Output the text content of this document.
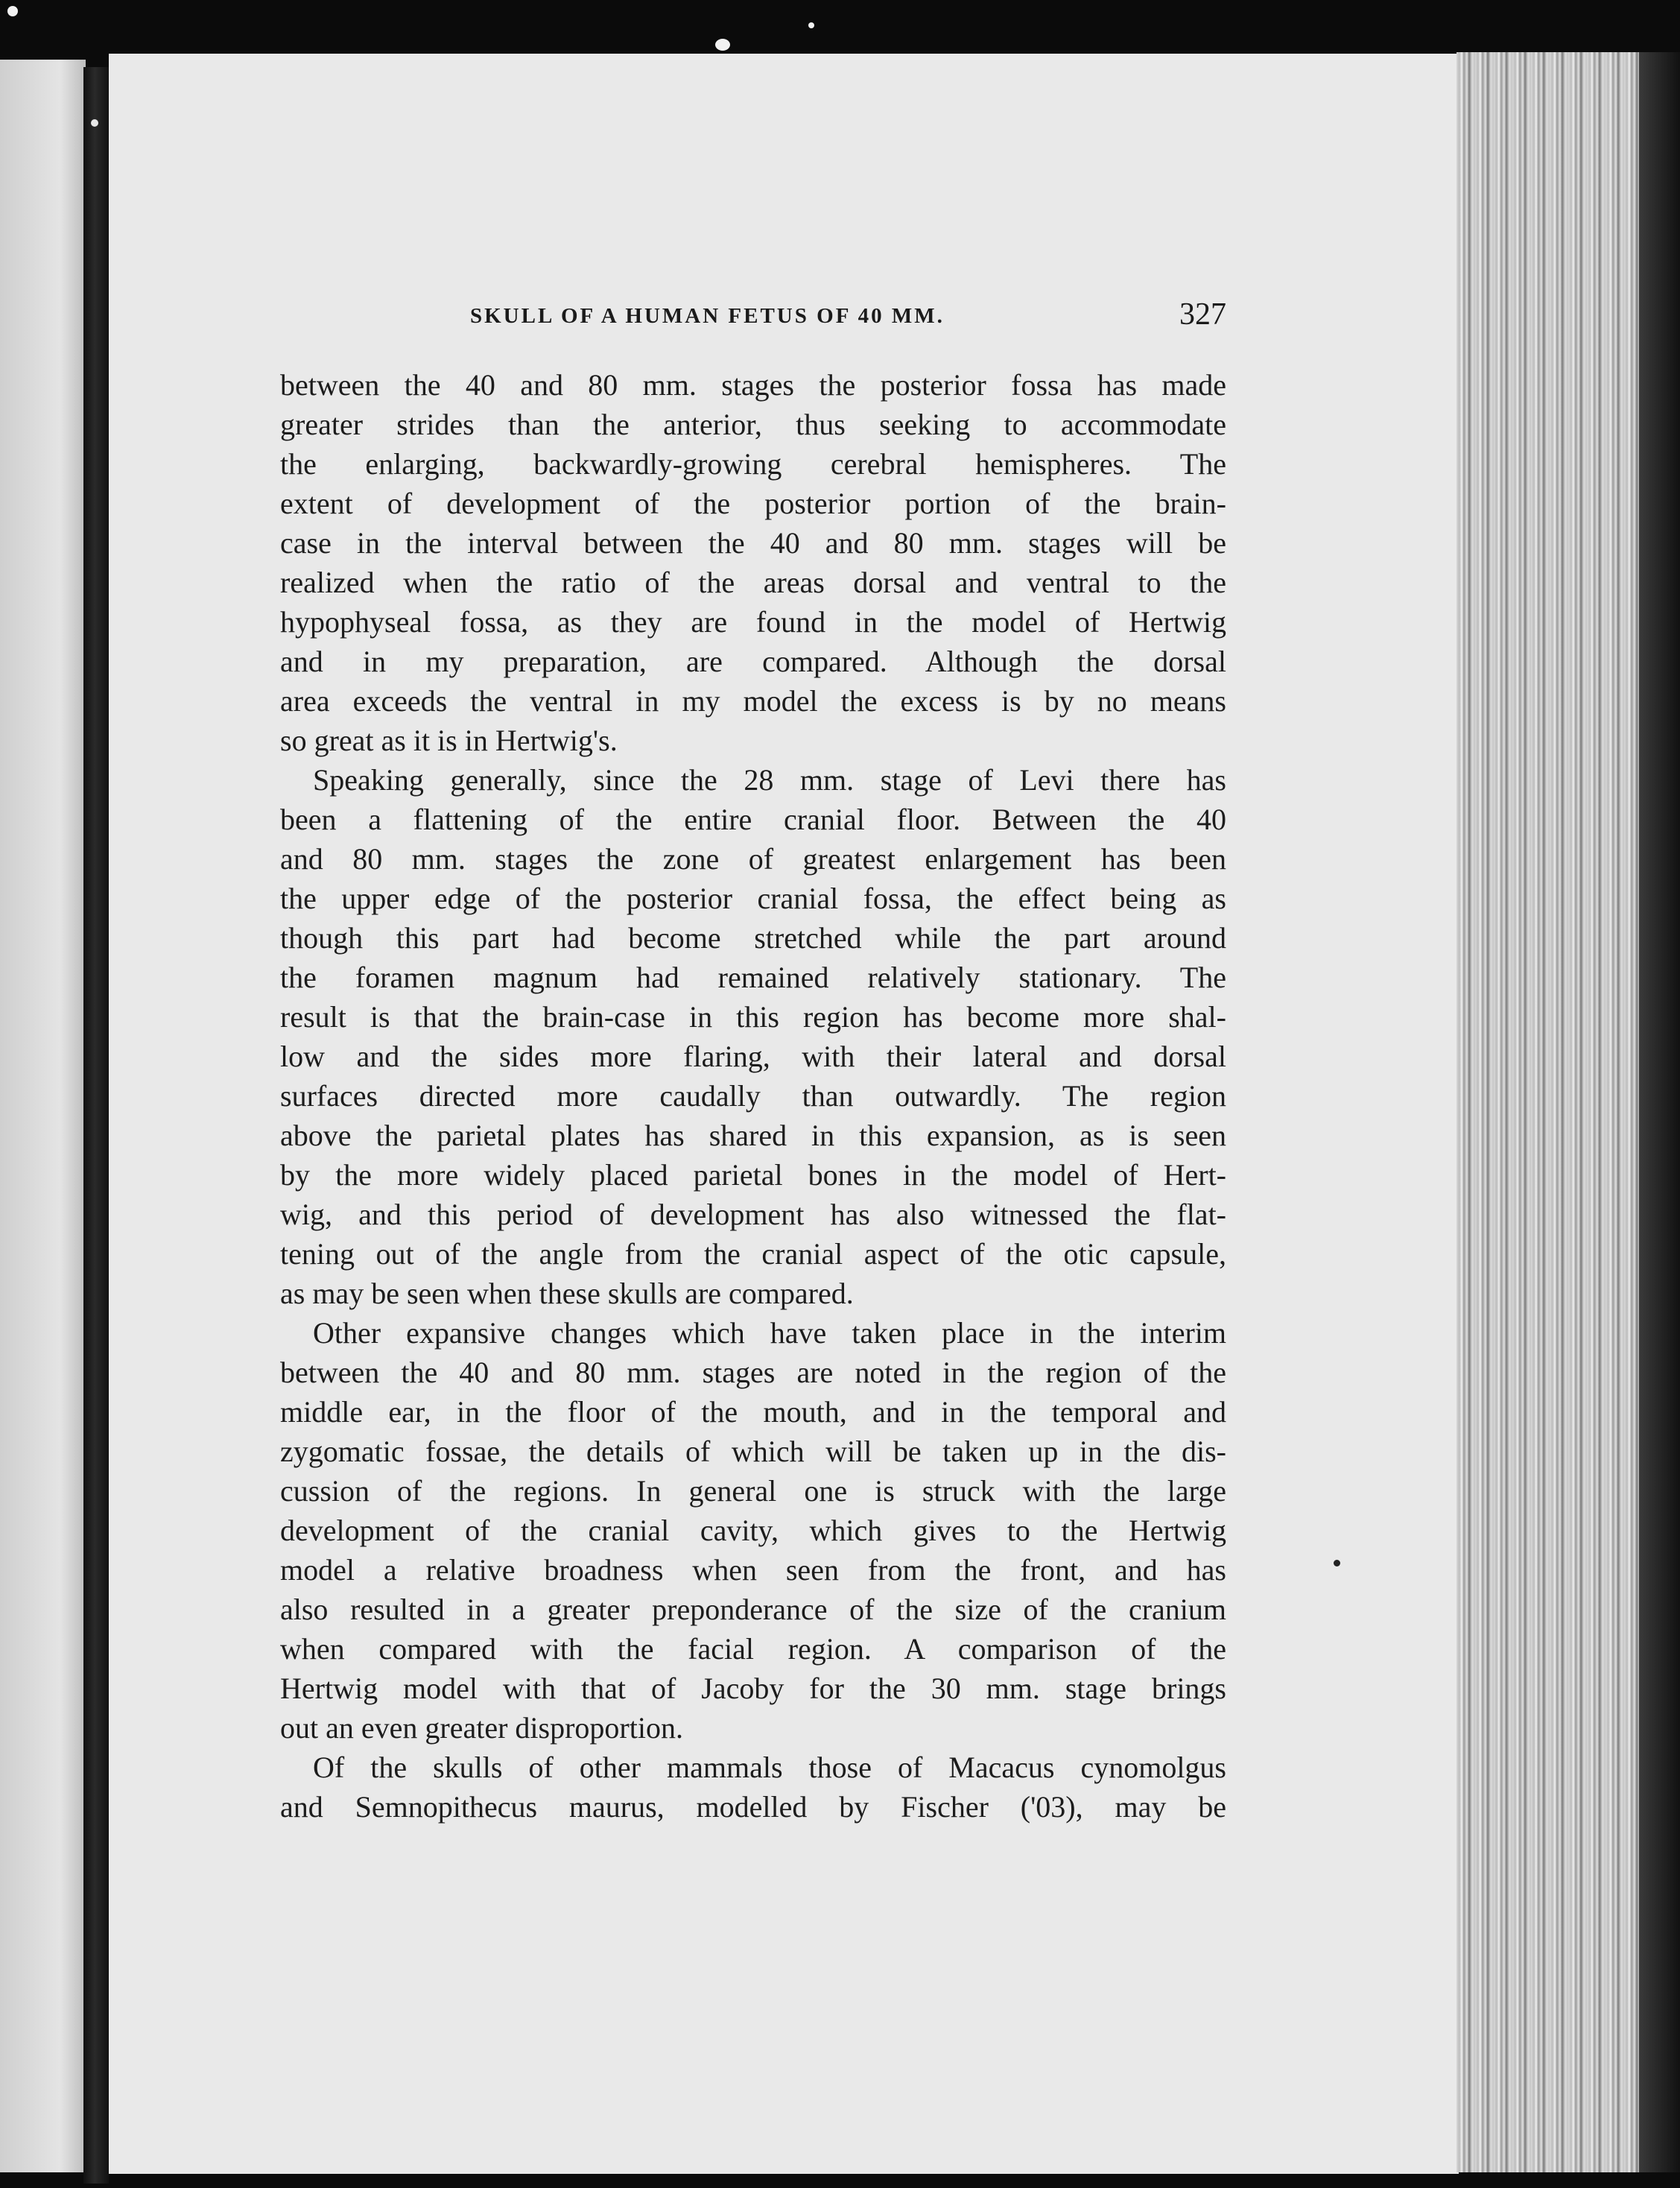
SKULL OF A HUMAN FETUS OF 40 MM.	327
between the 40 and 80 mm. stages the posterior fossa has made
greater strides than the anterior, thus seeking to accommodate
the enlarging, backwardly-growing cerebral hemispheres. The
extent of development of the posterior portion of the brain-
case in the interval between the 40 and 80 mm. stages will be
realized when the ratio of the areas dorsal and ventral to the
hypophyseal fossa, as they are found in the model of Hertwig
and in my preparation, are compared. Although the dorsal
area exceeds the ventral in my model the excess is by no means
so great as it is in Hertwig's.
Speaking generally, since the 28 mm. stage of Levi there has
been a flattening of the entire cranial floor. Between the 40
and 80 mm. stages the zone of greatest enlargement has been
the upper edge of the posterior cranial fossa, the effect being as
though this part had become stretched while the part around
the foramen magnum had remained relatively stationary. The
result is that the brain-case in this region has become more shal-
low and the sides more flaring, with their lateral and dorsal
surfaces directed more caudally than outwardly. The region
above the parietal plates has shared in this expansion, as is seen
by the more widely placed parietal bones in the model of Hert-
wig, and this period of development has also witnessed the flat-
tening out of the angle from the cranial aspect of the otic capsule,
as may be seen when these skulls are compared.
Other expansive changes which have taken place in the interim
between the 40 and 80 mm. stages are noted in the region of the
middle ear, in the floor of the mouth, and in the temporal and
zygomatic fossae, the details of which will be taken up in the dis-
cussion of the regions. In general one is struck with the large
development of the cranial cavity, which gives to the Hertwig
model a relative broadness when seen from the front, and has
also resulted in a greater preponderance of the size of the cranium
when compared with the facial region. A comparison of the
Hertwig model with that of Jacoby for the 30 mm. stage brings
out an even greater disproportion.
Of the skulls of other mammals those of Macacus cynomolgus
and Semnopithecus maurus, modelled by Fischer ('03), may be
